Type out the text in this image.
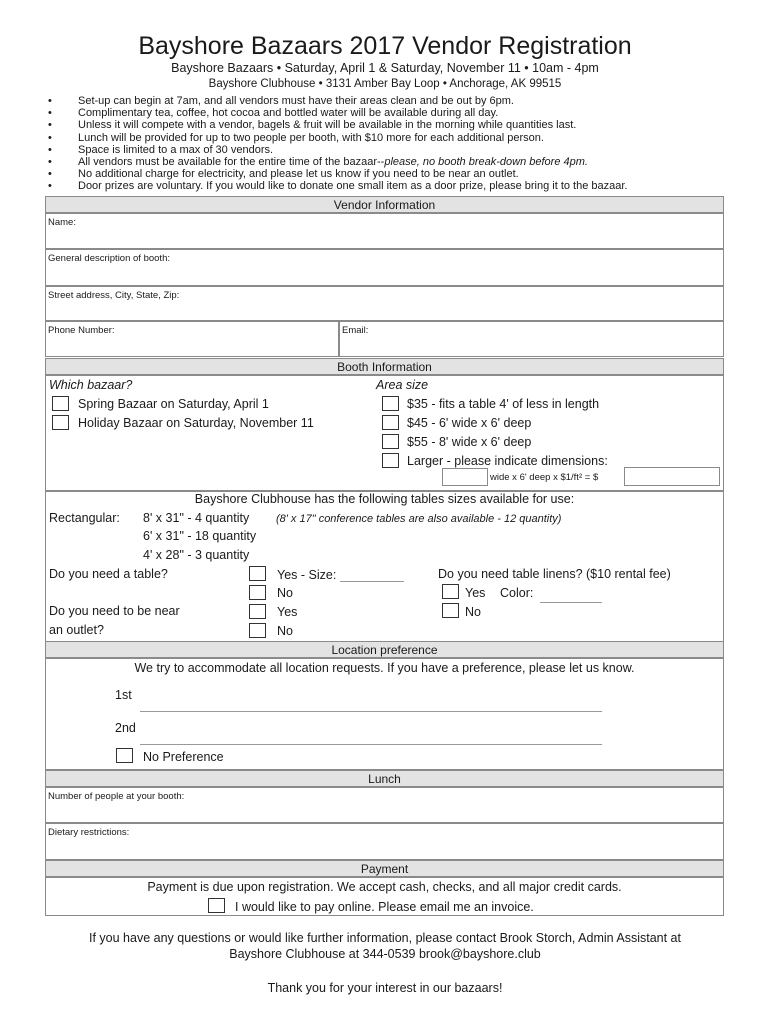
Bayshore Bazaars 2017 Vendor Registration
Bayshore Bazaars • Saturday, April 1 & Saturday, November 11 • 10am - 4pm
Bayshore Clubhouse • 3131 Amber Bay Loop • Anchorage, AK 99515
• Set-up can begin at 7am, and all vendors must have their areas clean and be out by 6pm.
• Complimentary tea, coffee, hot cocoa and bottled water will be available during all day.
• Unless it will compete with a vendor, bagels & fruit will be available in the morning while quantities last.
• Lunch will be provided for up to two people per booth, with $10 more for each additional person.
• Space is limited to a max of 30 vendors.
• All vendors must be available for the entire time of the bazaar--please, no booth break-down before 4pm.
• No additional charge for electricity, and please let us know if you need to be near an outlet.
• Door prizes are voluntary. If you would like to donate one small item as a door prize, please bring it to the bazaar.
Vendor Information
Name:
General description of booth:
Street address, City, State, Zip:
Phone Number:	Email:
Booth Information
Which bazaar?
Spring Bazaar on Saturday, April 1
Holiday Bazaar on Saturday, November 11
Area size
$35 - fits a table 4' of less in length
$45 - 6' wide x 6' deep
$55 - 8' wide x 6' deep
Larger - please indicate dimensions:
wide x 6' deep x $1/ft² = $
Bayshore Clubhouse has the following tables sizes available for use:
Rectangular: 8' x 31" - 4 quantity (8' x 17" conference tables are also available - 12 quantity)
6' x 31" - 18 quantity
4' x 28" - 3 quantity
Do you need a table?	Yes - Size:
No
Do you need table linens? ($10 rental fee)
Yes Color:
No
Do you need to be near
an outlet?
Yes
No
Location preference
We try to accommodate all location requests. If you have a preference, please let us know.
1st
2nd
No Preference
Lunch
Number of people at your booth:
Dietary restrictions:
Payment
Payment is due upon registration. We accept cash, checks, and all major credit cards.
I would like to pay online. Please email me an invoice.
If you have any questions or would like further information, please contact Brook Storch, Admin Assistant at
Bayshore Clubhouse at 344-0539 brook@bayshore.club
Thank you for your interest in our bazaars!
